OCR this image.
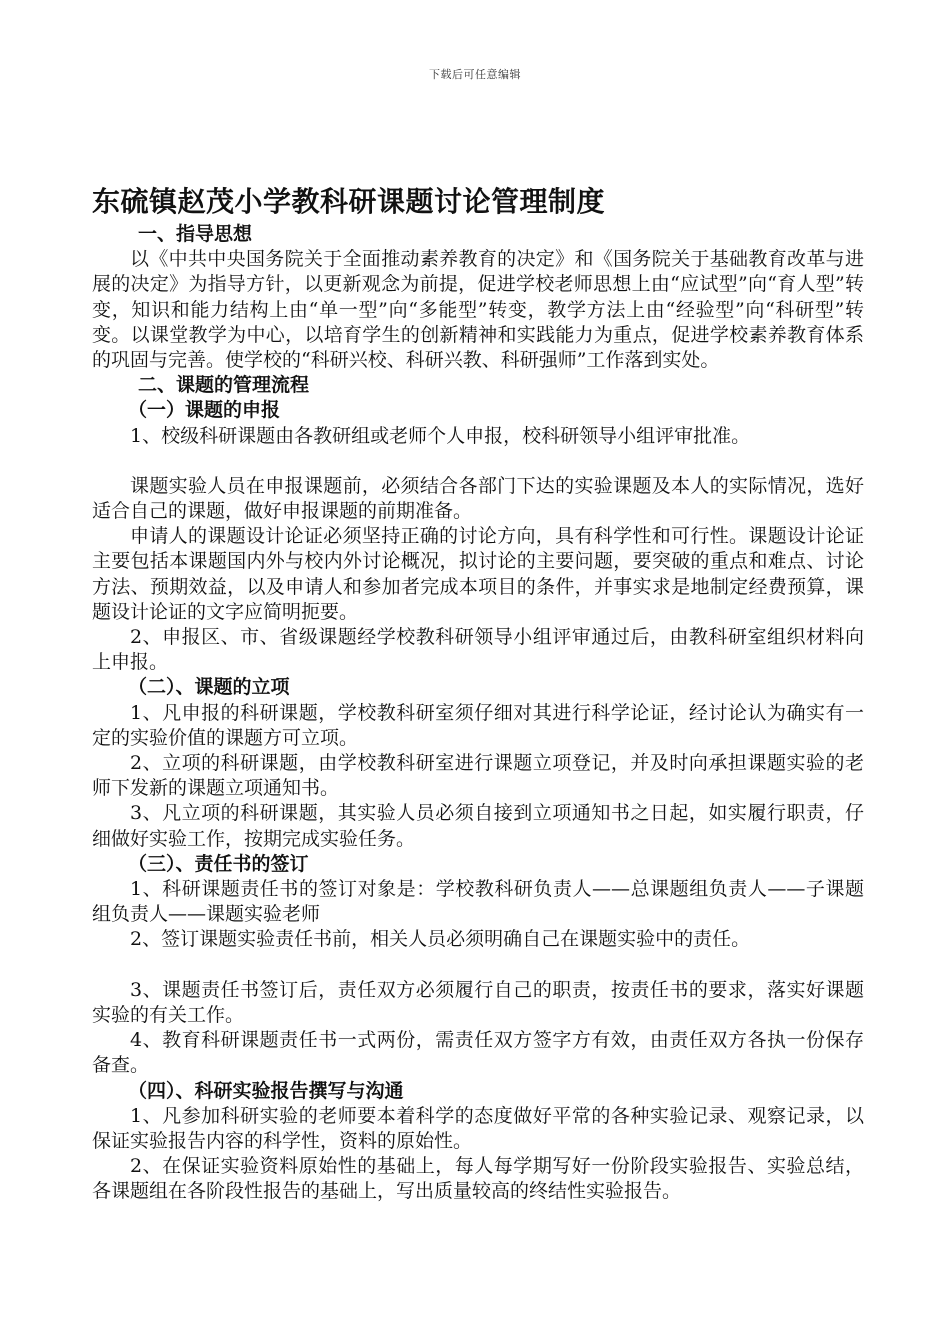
下载后可任意编辑
东硫镇赵茂小学教科研课题讨论管理制度

一、指导思想

以《中共中央国务院关于全面推动素养教育的决定》和《国务院关于基础教育改革与进展的决定》为指导方针，以更新观念为前提，促进学校老师思想上由“应试型”向“育人型”转变，知识和能力结构上由“单一型”向“多能型”转变，教学方法上由“经验型”向“科研型”转变。以课堂教学为中心，以培育学生的创新精神和实践能力为重点，促进学校素养教育体系的巩固与完善。使学校的“科研兴校、科研兴教、科研强师”工作落到实处。

二、课题的管理流程

（一）课题的申报

1、校级科研课题由各教研组或老师个人申报，校科研领导小组评审批准。

课题实验人员在申报课题前，必须结合各部门下达的实验课题及本人的实际情况，选好适合自己的课题，做好申报课题的前期准备。

申请人的课题设计论证必须坚持正确的讨论方向，具有科学性和可行性。课题设计论证主要包括本课题国内外与校内外讨论概况，拟讨论的主要问题，要突破的重点和难点、讨论方法、预期效益，以及申请人和参加者完成本项目的条件，并事实求是地制定经费预算，课题设计论证的文字应简明扼要。

2、申报区、市、省级课题经学校教科研领导小组评审通过后，由教科研室组织材料向上申报。

（二）、课题的立项

1、凡申报的科研课题，学校教科研室须仔细对其进行科学论证，经讨论认为确实有一定的实验价值的课题方可立项。

2、立项的科研课题，由学校教科研室进行课题立项登记，并及时向承担课题实验的老师下发新的课题立项通知书。

3、凡立项的科研课题，其实验人员必须自接到立项通知书之日起，如实履行职责，仔细做好实验工作，按期完成实验任务。

（三）、责任书的签订

1、科研课题责任书的签订对象是：学校教科研负责人——总课题组负责人——子课题组负责人——课题实验老师

2、签订课题实验责任书前，相关人员必须明确自己在课题实验中的责任。

3、课题责任书签订后，责任双方必须履行自己的职责，按责任书的要求，落实好课题实验的有关工作。

4、教育科研课题责任书一式两份，需责任双方签字方有效，由责任双方各执一份保存备查。

（四）、科研实验报告撰写与沟通

1、凡参加科研实验的老师要本着科学的态度做好平常的各种实验记录、观察记录，以保证实验报告内容的科学性，资料的原始性。

2、在保证实验资料原始性的基础上，每人每学期写好一份阶段实验报告、实验总结，各课题组在各阶段性报告的基础上，写出质量较高的终结性实验报告。
